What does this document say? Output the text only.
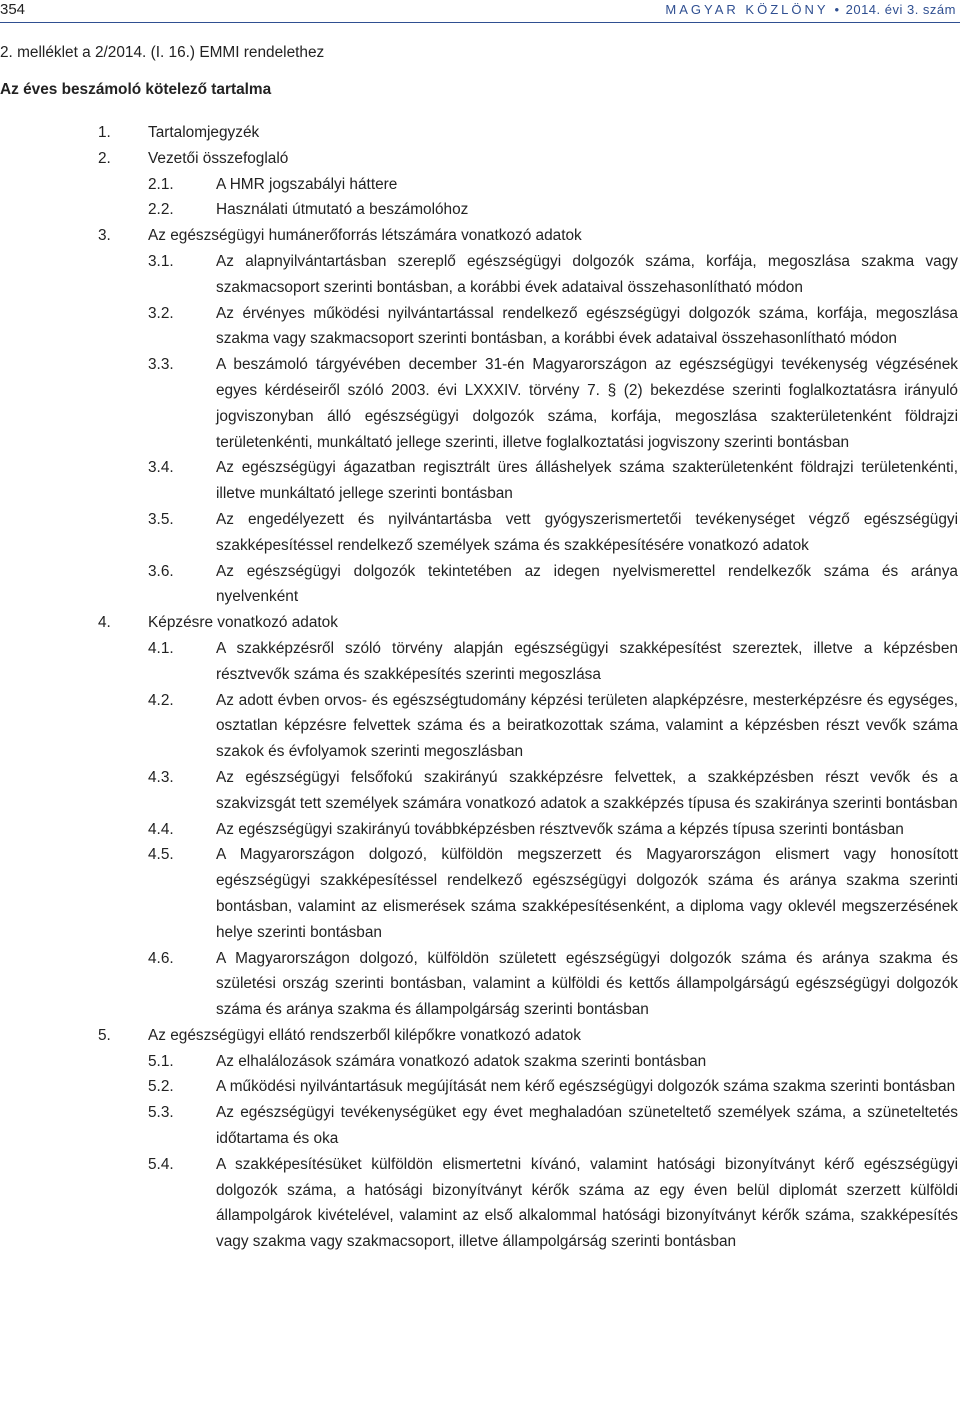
354	MAGYAR KÖZLÖNY • 2014. évi 3. szám
2. melléklet a 2/2014. (I. 16.) EMMI rendelethez
Az éves beszámoló kötelező tartalma
1. Tartalomjegyzék
2. Vezetői összefoglaló
2.1.	A HMR jogszabályi háttere
2.2.	Használati útmutató a beszámolóhoz
3. Az egészségügyi humánerőforrás létszámára vonatkozó adatok
3.1.	Az alapnyilvántartásban szereplő egészségügyi dolgozók száma, korfája, megoszlása szakma vagy szakmacsoport szerinti bontásban, a korábbi évek adataival összehasonlítható módon
3.2.	Az érvényes működési nyilvántartással rendelkező egészségügyi dolgozók száma, korfája, megoszlása szakma vagy szakmacsoport szerinti bontásban, a korábbi évek adataival összehasonlítható módon
3.3.	A beszámoló tárgyévében december 31-én Magyarországon az egészségügyi tevékenység végzésének egyes kérdéseiről szóló 2003. évi LXXXIV. törvény 7. § (2) bekezdése szerinti foglalkoztatásra irányuló jogviszonyban álló egészségügyi dolgozók száma, korfája, megoszlása szakterületenként földrajzi területenkénti, munkáltató jellege szerinti, illetve foglalkoztatási jogviszony szerinti bontásban
3.4.	Az egészségügyi ágazatban regisztrált üres álláshelyek száma szakterületenként földrajzi területenkénti, illetve munkáltató jellege szerinti bontásban
3.5.	Az engedélyezett és nyilvántartásba vett gyógyszerismertetői tevékenységet végző egészségügyi szakképesítéssel rendelkező személyek száma és szakképesítésére vonatkozó adatok
3.6.	Az egészségügyi dolgozók tekintetében az idegen nyelvismerettel rendelkezők száma és aránya nyelvenként
4. Képzésre vonatkozó adatok
4.1.	A szakképzésről szóló törvény alapján egészségügyi szakképesítést szereztek, illetve a képzésben résztvevők száma és szakképesítés szerinti megoszlása
4.2.	Az adott évben orvos- és egészségtudomány képzési területen alapképzésre, mesterképzésre és egységes, osztatlan képzésre felvettek száma és a beiratkozottak száma, valamint a képzésben részt vevők száma szakok és évfolyamok szerinti megoszlásban
4.3.	Az egészségügyi felsőfokú szakirányú szakképzésre felvettek, a szakképzésben részt vevők és a szakvizsgát tett személyek számára vonatkozó adatok a szakképzés típusa és szakiránya szerinti bontásban
4.4.	Az egészségügyi szakirányú továbbképzésben résztvevők száma a képzés típusa szerinti bontásban
4.5.	A Magyarországon dolgozó, külföldön megszerzett és Magyarországon elismert vagy honosított egészségügyi szakképesítéssel rendelkező egészségügyi dolgozók száma és aránya szakma szerinti bontásban, valamint az elismerések száma szakképesítésenként, a diploma vagy oklevél megszerzésének helye szerinti bontásban
4.6.	A Magyarországon dolgozó, külföldön született egészségügyi dolgozók száma és aránya szakma és születési ország szerinti bontásban, valamint a külföldi és kettős állampolgárságú egészségügyi dolgozók száma és aránya szakma és állampolgárság szerinti bontásban
5. Az egészségügyi ellátó rendszerből kilépőkre vonatkozó adatok
5.1.	Az elhalálozások számára vonatkozó adatok szakma szerinti bontásban
5.2.	A működési nyilvántartásuk megújítását nem kérő egészségügyi dolgozók száma szakma szerinti bontásban
5.3.	Az egészségügyi tevékenységüket egy évet meghaladóan szüneteltető személyek száma, a szüneteltetés időtartama és oka
5.4.	A szakképesítésüket külföldön elismertetni kívánó, valamint hatósági bizonyítványt kérő egészségügyi dolgozók száma, a hatósági bizonyítványt kérők száma az egy éven belül diplomát szerzett külföldi állampolgárok kivételével, valamint az első alkalommal hatósági bizonyítványt kérők száma, szakképesítés vagy szakma vagy szakmacsoport, illetve állampolgárság szerinti bontásban
